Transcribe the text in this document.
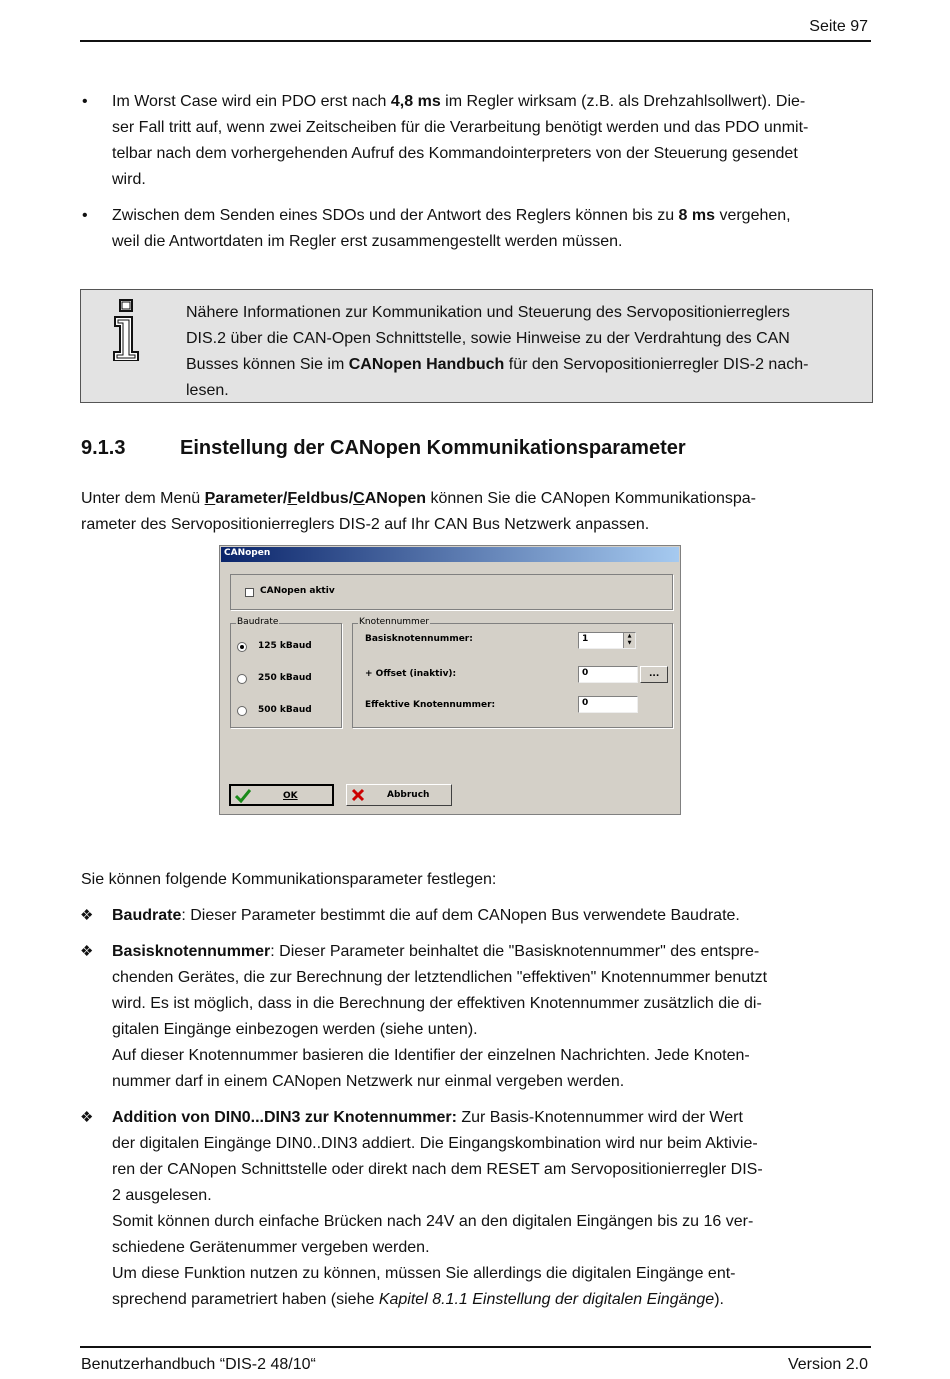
Seite 97
• Im Worst Case wird ein PDO erst nach 4,8 ms im Regler wirksam (z.B. als Drehzahlsollwert). Die-
ser Fall tritt auf, wenn zwei Zeitscheiben für die Verarbeitung benötigt werden und das PDO unmit-
telbar nach dem vorhergehenden Aufruf des Kommandointerpreters von der Steuerung gesendet
wird.
• Zwischen dem Senden eines SDOs und der Antwort des Reglers können bis zu 8 ms vergehen,
weil die Antwortdaten im Regler erst zusammengestellt werden müssen.
Nähere Informationen zur Kommunikation und Steuerung des Servopositionierreglers
DIS.2 über die CAN-Open Schnittstelle, sowie Hinweise zu der Verdrahtung des CAN
Busses können Sie im CANopen Handbuch für den Servopositionierregler DIS-2 nach-
lesen.
9.1.3	Einstellung der CANopen Kommunikationsparameter
Unter dem Menü Parameter/Feldbus/CANopen können Sie die CANopen Kommunikationspa-
rameter des Servopositionierreglers DIS-2 auf Ihr CAN Bus Netzwerk anpassen.
CANopen
CANopen aktiv
Baudrate
125 kBaud
250 kBaud
500 kBaud
Knotennummer
Basisknotennummer:	1	▲
▼
+ Offset (inaktiv):	0	...
Effektive Knotennummer:	0
OK	Abbruch
Sie können folgende Kommunikationsparameter festlegen:
❖ Baudrate: Dieser Parameter bestimmt die auf dem CANopen Bus verwendete Baudrate.
❖ Basisknotennummer: Dieser Parameter beinhaltet die "Basisknotennummer" des entspre-
chenden Gerätes, die zur Berechnung der letztendlichen "effektiven" Knotennummer benutzt
wird. Es ist möglich, dass in die Berechnung der effektiven Knotennummer zusätzlich die di-
gitalen Eingänge einbezogen werden (siehe unten).
Auf dieser Knotennummer basieren die Identifier der einzelnen Nachrichten. Jede Knoten-
nummer darf in einem CANopen Netzwerk nur einmal vergeben werden.
❖ Addition von DIN0...DIN3 zur Knotennummer: Zur Basis-Knotennummer wird der Wert
der digitalen Eingänge DIN0..DIN3 addiert. Die Eingangskombination wird nur beim Aktivie-
ren der CANopen Schnittstelle oder direkt nach dem RESET am Servopositionierregler DIS-
2 ausgelesen.
Somit können durch einfache Brücken nach 24V an den digitalen Eingängen bis zu 16 ver-
schiedene Gerätenummer vergeben werden.
Um diese Funktion nutzen zu können, müssen Sie allerdings die digitalen Eingänge ent-
sprechend parametriert haben (siehe Kapitel 8.1.1 Einstellung der digitalen Eingänge).
Benutzerhandbuch “DIS-2 48/10“	Version 2.0
